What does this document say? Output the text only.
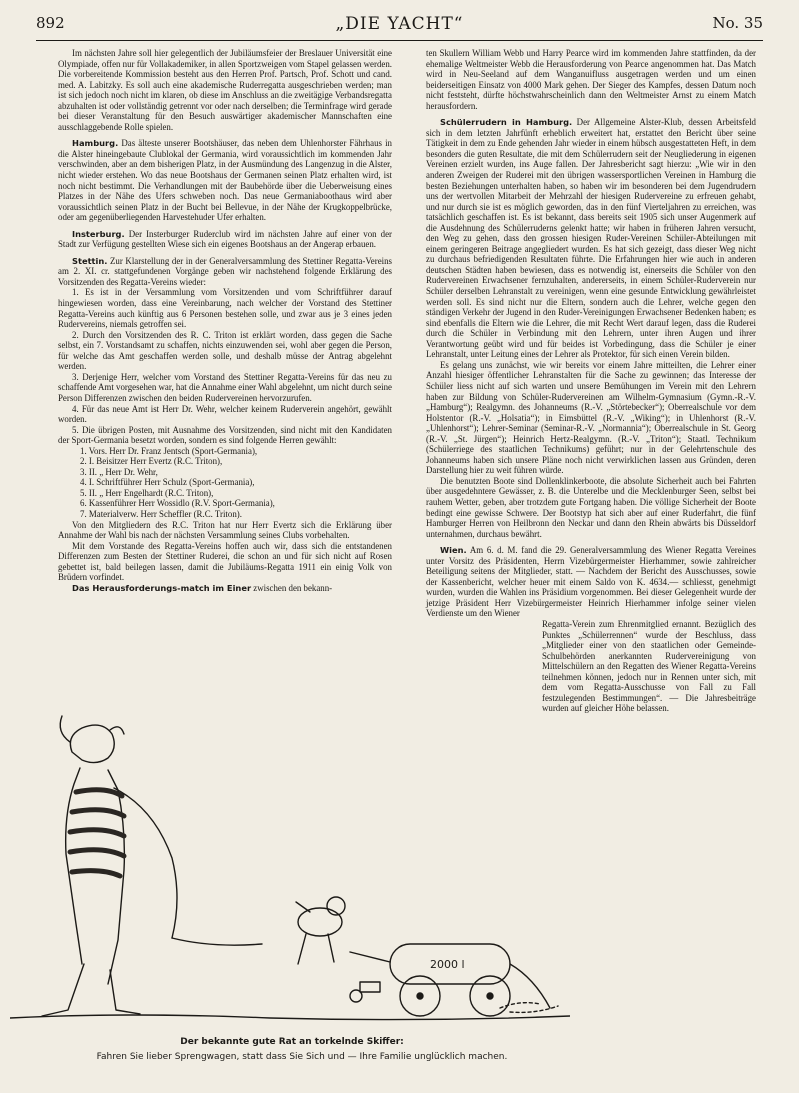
892	„DIE YACHT“	No. 35

Im nächsten Jahre soll hier gelegentlich der Jubiläumsfeier der Breslauer Universität eine Olympiade, offen nur für Vollakademiker, in allen Sportzweigen vom Stapel gelassen werden. Die vorbereitende Kommission besteht aus den Herren Prof. Partsch, Prof. Schott und cand. med. A. Labitzky. Es soll auch eine akademische Ruderregatta ausgeschrieben werden; man ist sich jedoch noch nicht im klaren, ob diese im Anschluss an die zweitägige Verbandsregatta abzuhalten ist oder vollständig getrennt vor oder nach derselben; die Terminfrage wird gerade bei dieser Veranstaltung für den Besuch auswärtiger akademischer Mannschaften eine ausschlaggebende Rolle spielen.

Hamburg. Das älteste unserer Bootshäuser, das neben dem Uhlenhorster Fährhaus in die Alster hineingebaute Clublokal der Germania, wird voraussichtlich im kommenden Jahr verschwinden, aber an dem bisherigen Platz, in der Ausmündung des Langenzug in die Alster, nicht wieder erstehen. Wo das neue Bootshaus der Germanen seinen Platz erhalten wird, ist noch nicht bestimmt. Die Verhandlungen mit der Baubehörde über die Ueberweisung eines Platzes in der Nähe des Ufers schweben noch. Das neue Germaniaboothaus wird aber voraussichtlich seinen Platz in der Bucht bei Bellevue, in der Nähe der Krugkoppelbrücke, oder am gegenüberliegenden Harvestehuder Ufer erhalten.

Insterburg. Der Insterburger Ruderclub wird im nächsten Jahre auf einer von der Stadt zur Verfügung gestellten Wiese sich ein eigenes Bootshaus an der Angerap erbauen.

Stettin. Zur Klarstellung der in der Generalversammlung des Stettiner Regatta-Vereins am 2. XI. cr. stattgefundenen Vorgänge geben wir nachstehend folgende Erklärung des Vorsitzenden des Regatta-Vereins wieder:

1. Es ist in der Versammlung vom Vorsitzenden und vom Schriftführer darauf hingewiesen worden, dass eine Vereinbarung, nach welcher der Vorstand des Stettiner Regatta-Vereins auch künftig aus 6 Personen bestehen solle, und zwar aus je 3 eines jeden Rudervereins, niemals getroffen sei.

2. Durch den Vorsitzenden des R. C. Triton ist erklärt worden, dass gegen die Sache selbst, ein 7. Vorstandsamt zu schaffen, nichts einzuwenden sei, wohl aber gegen die Person, für welche das Amt geschaffen werden solle, und deshalb müsse der Antrag abgelehnt werden.

3. Derjenige Herr, welcher vom Vorstand des Stettiner Regatta-Vereins für das neu zu schaffende Amt vorgesehen war, hat die Annahme einer Wahl abgelehnt, um nicht durch seine Person Differenzen zwischen den beiden Rudervereinen hervorzurufen.

4. Für das neue Amt ist Herr Dr. Wehr, welcher keinem Ruderverein angehört, gewählt worden.

5. Die übrigen Posten, mit Ausnahme des Vorsitzenden, sind nicht mit den Kandidaten der Sport-Germania besetzt worden, sondern es sind folgende Herren gewählt:

1. Vors. Herr Dr. Franz Jentsch (Sport-Germania),
2. I. Beisitzer Herr Evertz (R.C. Triton),
3. II. „ Herr Dr. Wehr,
4. I. Schriftführer Herr Schulz (Sport-Germania),
5. II. „ Herr Engelhardt (R.C. Triton),
6. Kassenführer Herr Wossidlo (R.V. Sport-Germania),
7. Materialverw. Herr Scheffler (R.C. Triton).

Von den Mitgliedern des R.C. Triton hat nur Herr Evertz sich die Erklärung über Annahme der Wahl bis nach der nächsten Versammlung seines Clubs vorbehalten.

Mit dem Vorstande des Regatta-Vereins hoffen auch wir, dass sich die entstandenen Differenzen zum Besten der Stettiner Ruderei, die schon an und für sich nicht auf Rosen gebettet ist, bald beilegen lassen, damit die Jubiläums-Regatta 1911 ein einig Volk von Brüdern vorfindet.

Das Herausforderungs-match im Einer zwischen den bekann-

ten Skullern William Webb und Harry Pearce wird im kommenden Jahre stattfinden, da der ehemalige Weltmeister Webb die Herausforderung von Pearce angenommen hat. Das Match wird in Neu-Seeland auf dem Wanganuifluss ausgetragen werden und um einen beiderseitigen Einsatz von 4000 Mark gehen. Der Sieger des Kampfes, dessen Datum noch nicht feststeht, dürfte höchstwahrscheinlich dann den Weltmeister Arnst zu einem Match herausfordern.

Schülerrudern in Hamburg. Der Allgemeine Alster-Klub, dessen Arbeitsfeld sich in dem letzten Jahrfünft erheblich erweitert hat, erstattet den Bericht über seine Tätigkeit in dem zu Ende gehenden Jahr wieder in einem hübsch ausgestatteten Heft, in dem besonders die guten Resultate, die mit dem Schülerrudern seit der Neugliederung in eigenen Vereinen erzielt wurden, ins Auge fallen. Der Jahresbericht sagt hierzu: „Wie wir in den anderen Zweigen der Ruderei mit den übrigen wassersportlichen Vereinen in Hamburg die besten Beziehungen unterhalten haben, so haben wir im besonderen bei dem Jugendrudern uns der wertvollen Mitarbeit der Mehrzahl der hiesigen Rudervereine zu erfreuen gehabt, und nur durch sie ist es möglich geworden, das in den fünf Vierteljahren zu erreichen, was tatsächlich geschaffen ist. Es ist bekannt, dass bereits seit 1905 sich unser Augenmerk auf die Ausdehnung des Schülerruderns gelenkt hatte; wir haben in früheren Jahren versucht, den Weg zu gehen, dass den grossen hiesigen Ruder-Vereinen Schüler-Abteilungen mit einem geringeren Beitrage angegliedert wurden. Es hat sich gezeigt, dass dieser Weg nicht zu durchaus befriedigenden Resultaten führte. Die Erfahrungen hier wie auch in anderen deutschen Städten haben bewiesen, dass es notwendig ist, einerseits die Schüler von den Rudervereinen Erwachsener fernzuhalten, andererseits, in einem Schüler-Ruderverein nur Schüler derselben Lehranstalt zu vereinigen, wenn eine gesunde Entwicklung gewährleistet werden soll. Es sind nicht nur die Eltern, sondern auch die Lehrer, welche gegen den ständigen Verkehr der Jugend in den Ruder-Vereinigungen Erwachsener Bedenken haben; es sind ebenfalls die Eltern wie die Lehrer, die mit Recht Wert darauf legen, dass die Ruderei durch die Schüler in Verbindung mit den Lehrern, unter ihren Augen und ihrer Verantwortung geübt wird und für beides ist Vorbedingung, dass die Schüler je einer Lehranstalt, unter Leitung eines der Lehrer als Protektor, für sich einen Verein bilden.

Es gelang uns zunächst, wie wir bereits vor einem Jahre mitteilten, die Lehrer einer Anzahl hiesiger öffentlicher Lehranstalten für die Sache zu gewinnen; das Interesse der Schüler liess nicht auf sich warten und unsere Bemühungen im Verein mit den Lehrern haben zur Bildung von Schüler-Rudervereinen am Wilhelm-Gymnasium (Gymn.-R.-V. „Hamburg“); Realgymn. des Johanneums (R.-V. „Störtebecker“); Oberrealschule vor dem Holstentor (R.-V. „Holsatia“); in Eimsbüttel (R.-V. „Wiking“); in Uhlenhorst (R.-V. „Uhlenhorst“); Lehrer-Seminar (Seminar-R.-V. „Normannia“); Oberrealschule in St. Georg (R.-V. „St. Jürgen“); Heinrich Hertz-Realgymn. (R.-V. „Triton“); Staatl. Technikum (Schülerriege des staatlichen Technikums) geführt; nur in der Gelehrtenschule des Johanneums haben sich unsere Pläne noch nicht verwirklichen lassen aus Gründen, deren Darstellung hier zu weit führen würde.

Die benutzten Boote sind Dollenklinkerboote, die absolute Sicherheit auch bei Fahrten über ausgedehntere Gewässer, z. B. die Unterelbe und die Mecklenburger Seen, selbst bei rauhem Wetter, geben, aber trotzdem gute Fortgang haben. Die völlige Sicherheit der Boote bedingt eine gewisse Schwere. Der Bootstyp hat sich aber auf einer Ruderfahrt, die fünf Hamburger Herren von Heilbronn den Neckar und dann den Rhein abwärts bis Düsseldorf unternahmen, durchaus bewährt.

Wien. Am 6. d. M. fand die 29. Generalversammlung des Wiener Regatta Vereines unter Vorsitz des Präsidenten, Herrn Vizebürgermeister Hierhammer, sowie zahlreicher Beteiligung seitens der Mitglieder, statt. — Nachdem der Bericht des Ausschusses, sowie der Kassenbericht, welcher heuer mit einem Saldo von K. 4634.— schliesst, genehmigt wurden, wurden die Wahlen ins Präsidium vorgenommen. Bei dieser Gelegenheit wurde der jetzige Präsident Herr Vizebürgermeister Heinrich Hierhammer infolge seiner vielen Verdienste um den Wiener

Regatta-Verein zum Ehrenmitglied ernannt. Bezüglich des Punktes „Schülerrennen“ wurde der Beschluss, dass „Mitglieder einer von den staatlichen oder Gemeinde-Schulbehörden anerkannten Rudervereinigung von Mittelschülern an den Regatten des Wiener Regatta-Vereins teilnehmen können, jedoch nur in Rennen unter sich, mit dem vom Regatta-Ausschusse von Fall zu Fall festzulegenden Bestimmungen“. — Die Jahresbeiträge wurden auf gleicher Höhe belassen.

2000 l
Der bekannte gute Rat an torkelnde Skiffer:
Fahren Sie lieber Sprengwagen, statt dass Sie Sich und — Ihre Familie unglücklich machen.
